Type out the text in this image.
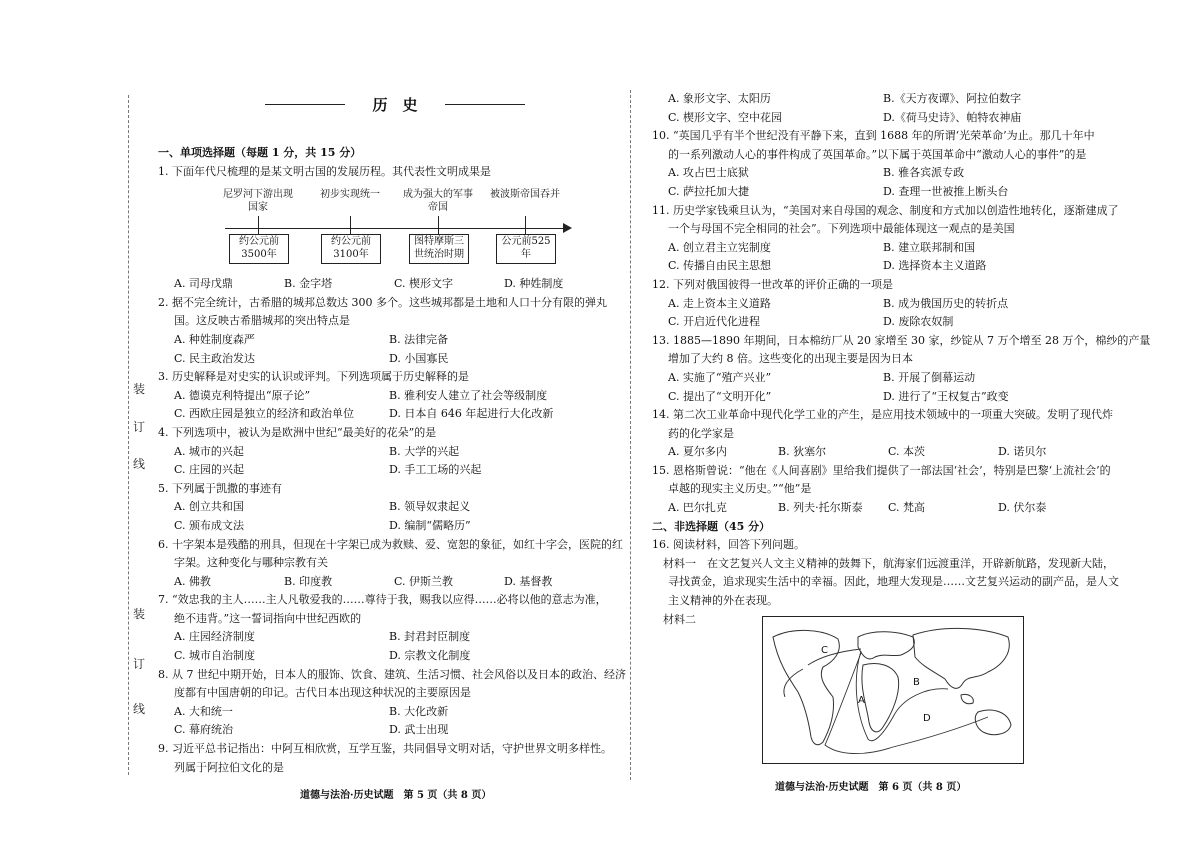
装
订
线
装
订
线
历　史
一、单项选择题（每题 1 分，共 15 分）
1. 下面年代尺梳理的是某文明古国的发展历程。其代表性文明成果是
A. 司母戊鼎	B. 金字塔	C. 楔形文字	D. 种姓制度
2. 据不完全统计，古希腊的城邦总数达 300 多个。这些城邦都是土地和人口十分有限的弹丸
国。这反映古希腊城邦的突出特点是
A. 种姓制度森严	B. 法律完备
C. 民主政治发达	D. 小国寡民
3. 历史解释是对史实的认识或评判。下列选项属于历史解释的是
A. 德谟克利特提出“原子论”	B. 雅利安人建立了社会等级制度
C. 西欧庄园是独立的经济和政治单位	D. 日本自 646 年起进行大化改新
4. 下列选项中，被认为是欧洲中世纪“最美好的花朵”的是
A. 城市的兴起	B. 大学的兴起
C. 庄园的兴起	D. 手工工场的兴起
5. 下列属于凯撒的事迹有
A. 创立共和国	B. 领导奴隶起义
C. 颁布成文法	D. 编制“儒略历”
6. 十字架本是残酷的刑具，但现在十字架已成为救赎、爱、宽恕的象征，如红十字会，医院的红
字架。这种变化与哪种宗教有关
A. 佛教	B. 印度教	C. 伊斯兰教	D. 基督教
7. “效忠我的主人……主人凡敬爱我的……尊待于我，赐我以应得……必将以他的意志为准，
绝不违背。”这一誓词指向中世纪西欧的
A. 庄园经济制度	B. 封君封臣制度
C. 城市自治制度	D. 宗教文化制度
8. 从 7 世纪中期开始，日本人的服饰、饮食、建筑、生活习惯、社会风俗以及日本的政治、经济
度都有中国唐朝的印记。古代日本出现这种状况的主要原因是
A. 大和统一	B. 大化改新
C. 幕府统治	D. 武士出现
9. 习近平总书记指出：中阿互相欣赏，互学互鉴，共同倡导文明对话，守护世界文明多样性。
列属于阿拉伯文化的是
尼罗河下游出现国家
初步实现统一	成为强大的军事帝国
被波斯帝国吞并
约公元前3500年
约公元前3100年
图特摩斯三世统治时期
公元前525年
道德与法治·历史试题　第 5 页（共 8 页）
A. 象形文字、太阳历	B.《天方夜谭》、阿拉伯数字
C. 楔形文字、空中花园	D.《荷马史诗》、帕特农神庙
10. “英国几乎有半个世纪没有平静下来，直到 1688 年的所谓‘光荣革命’为止。那几十年中
的一系列激动人心的事件构成了英国革命。”以下属于英国革命中“激动人心的事件”的是
A. 攻占巴士底狱	B. 雅各宾派专政
C. 萨拉托加大捷	D. 查理一世被推上断头台
11. 历史学家钱乘旦认为，“美国对来自母国的观念、制度和方式加以创造性地转化，逐渐建成了
一个与母国不完全相同的社会”。下列选项中最能体现这一观点的是美国
A. 创立君主立宪制度	B. 建立联邦制和国
C. 传播自由民主思想	D. 选择资本主义道路
12. 下列对俄国彼得一世改革的评价正确的一项是
A. 走上资本主义道路	B. 成为俄国历史的转折点
C. 开启近代化进程	D. 废除农奴制
13. 1885—1890 年期间，日本棉纺厂从 20 家增至 30 家，纱锭从 7 万个增至 28 万个，棉纱的产量
增加了大约 8 倍。这些变化的出现主要是因为日本
A. 实施了“殖产兴业”	B. 开展了倒幕运动
C. 提出了“文明开化”	D. 进行了“王权复古”政变
14. 第二次工业革命中现代化学工业的产生，是应用技术领域中的一项重大突破。发明了现代炸
药的化学家是
A. 夏尔多内	B. 狄塞尔	C. 本茨	D. 诺贝尔
15. 恩格斯曾说：“他在《人间喜剧》里给我们提供了一部法国‘社会’，特别是巴黎‘上流社会’的
卓越的现实主义历史。”“他”是
A. 巴尔扎克	B. 列夫·托尔斯泰	C. 梵高	D. 伏尔泰
二、非选择题（45 分）
16. 阅读材料，回答下列问题。
　材料一　在文艺复兴人文主义精神的鼓舞下，航海家们远渡重洋，开辟新航路，发现新大陆，
寻找黄金，追求现实生活中的幸福。因此，地理大发现是……文艺复兴运动的副产品，是人文
主义精神的外在表现。
　材料二
道德与法治·历史试题　第 6 页（共 8 页）
C
B
A
D
